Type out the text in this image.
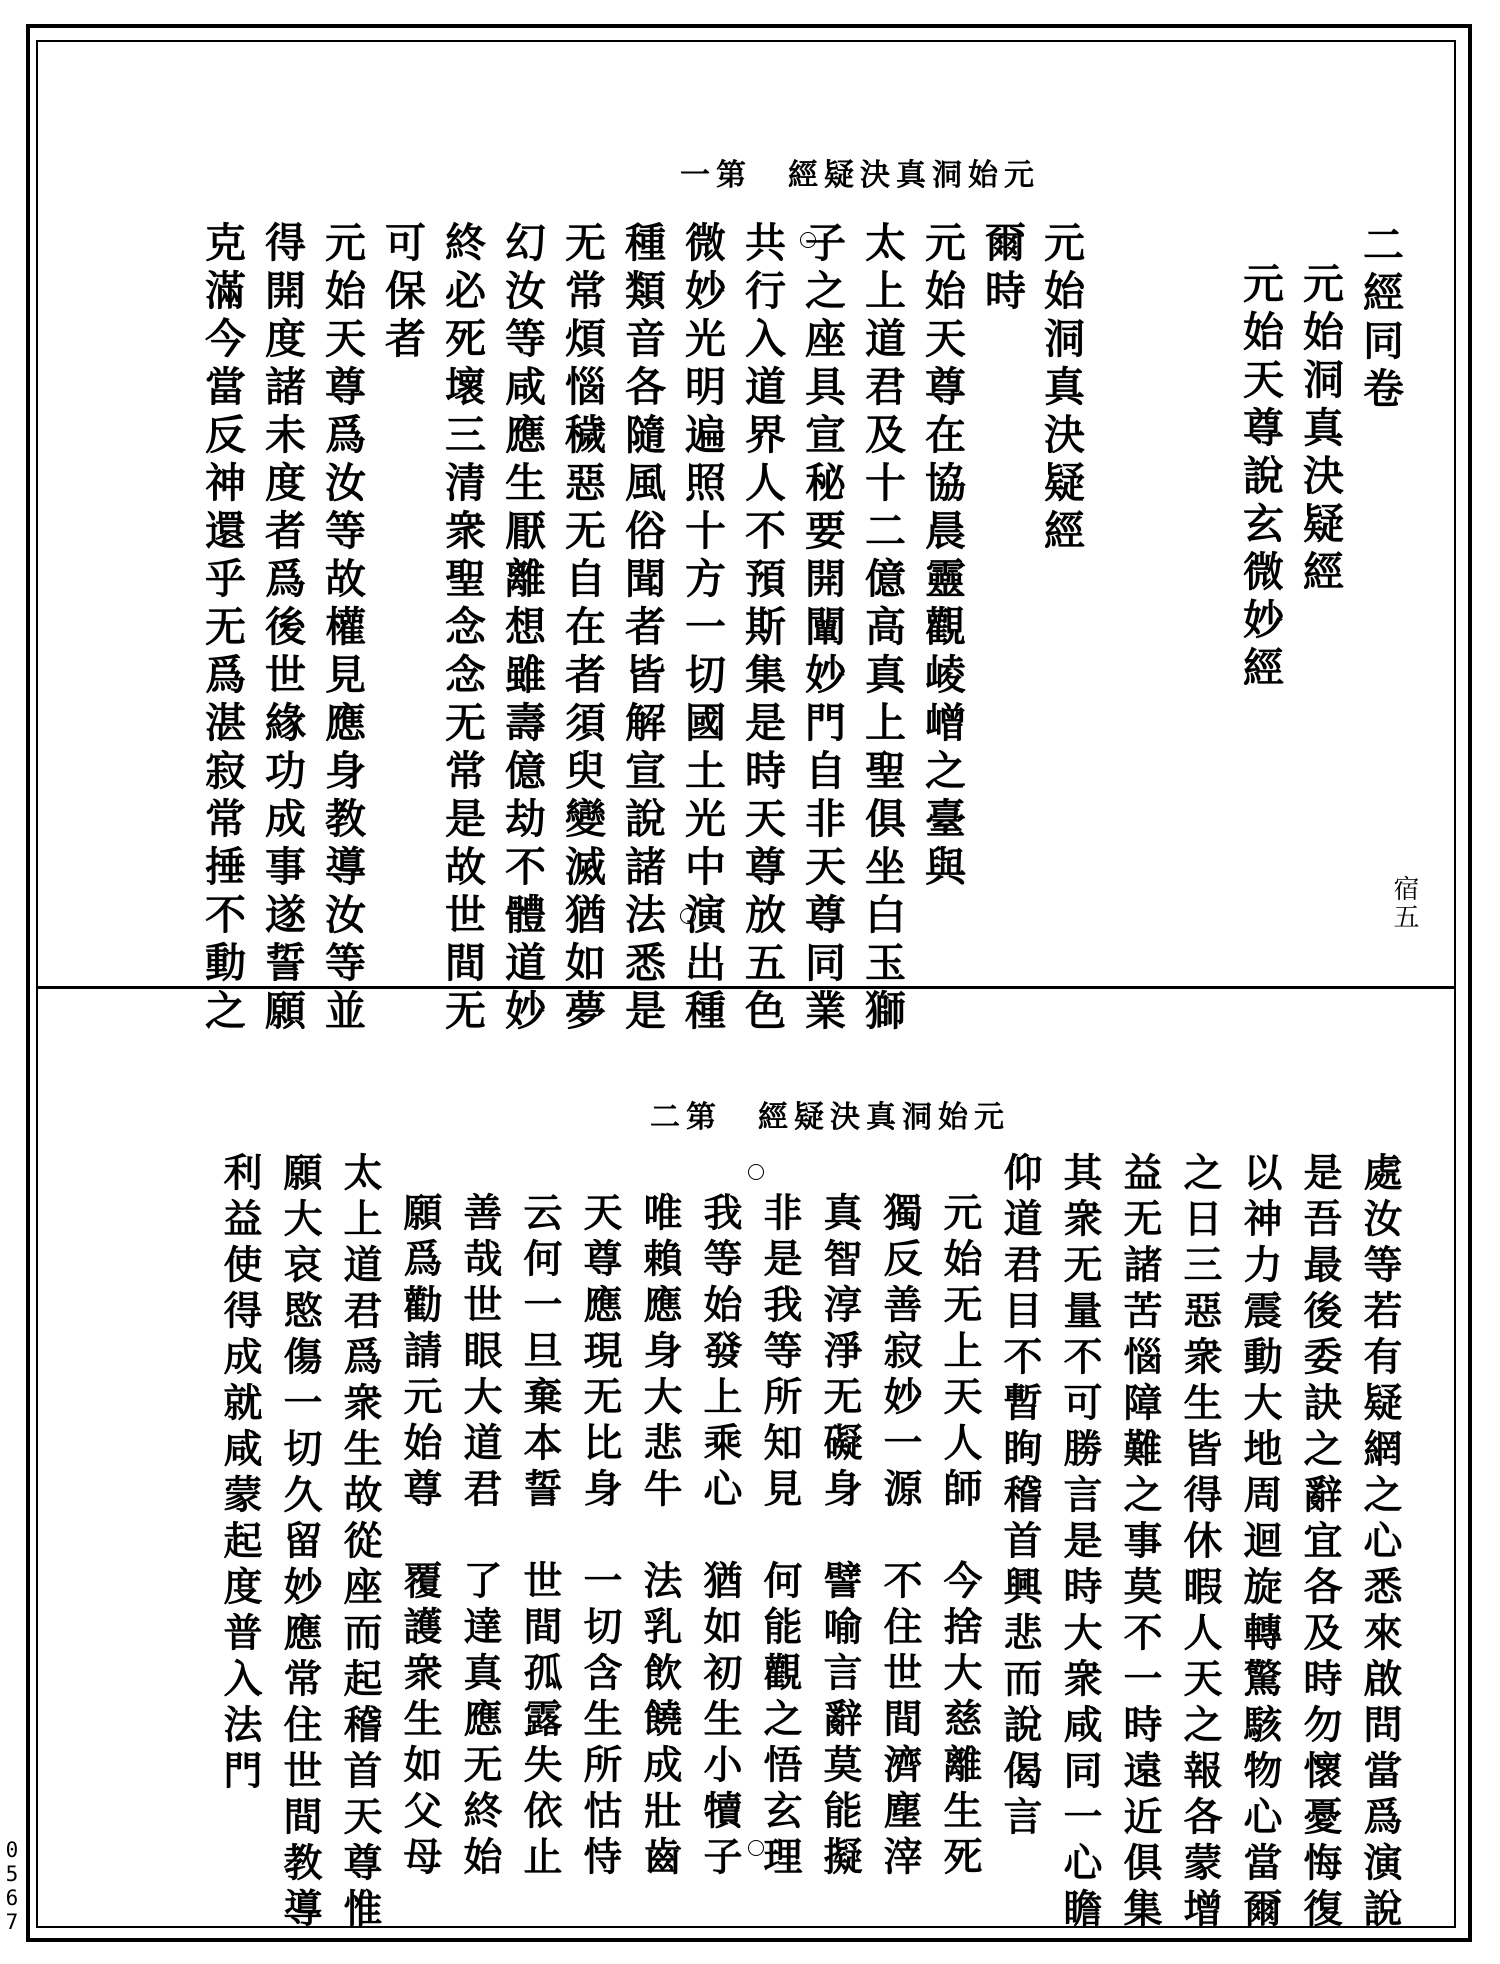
0
5
6
7
一第　經疑決真洞始元
宿五
二經同卷
元始洞真決疑經
元始天尊說玄微妙經
元始洞真決疑經
爾時
元始天尊在協晨靈觀崚嶒之臺與
太上道君及十二億高真上聖俱坐白玉獅
子之座具宣秘要開闡妙門自非天尊同業
共行入道界人不預斯集是時天尊放五色
微妙光明遍照十方一切國土光中演出種
種類音各隨風俗聞者皆解宣說諸法悉是
无常煩惱穢惡无自在者須臾變滅猶如夢
幻汝等咸應生厭離想雖壽億劫不體道妙
終必死壞三清衆聖念念无常是故世間无
可保者
元始天尊爲汝等故權見應身教導汝等並
得開度諸未度者爲後世緣功成事遂誓願
克滿今當反神還乎无爲湛寂常捶不動之
二第　經疑決真洞始元
處汝等若有疑網之心悉來啟問當爲演說
是吾最後委訣之辭宜各及時勿懷憂悔復
以神力震動大地周迴旋轉驚駭物心當爾
之日三惡衆生皆得休暇人天之報各蒙增
益无諸苦惱障難之事莫不一時遠近俱集
其衆无量不可勝言是時大衆咸同一心瞻
仰道君目不暫眴稽首興悲而說偈言
元始无上天人師　今捨大慈離生死
獨反善寂妙一源　不住世間濟塵滓
真智淳淨无礙身　譬喻言辭莫能擬
非是我等所知見　何能觀之悟玄理
我等始發上乘心　猶如初生小犢子
唯賴應身大悲牛　法乳飲饒成壯齒
天尊應現无比身　一切含生所怙恃
云何一旦棄本誓　世間孤露失依止
善哉世眼大道君　了達真應无終始
願爲勸請元始尊　覆護衆生如父母
太上道君爲衆生故從座而起稽首天尊惟
願大哀愍傷一切久留妙應常住世間教導
利益使得成就咸蒙起度普入法門
